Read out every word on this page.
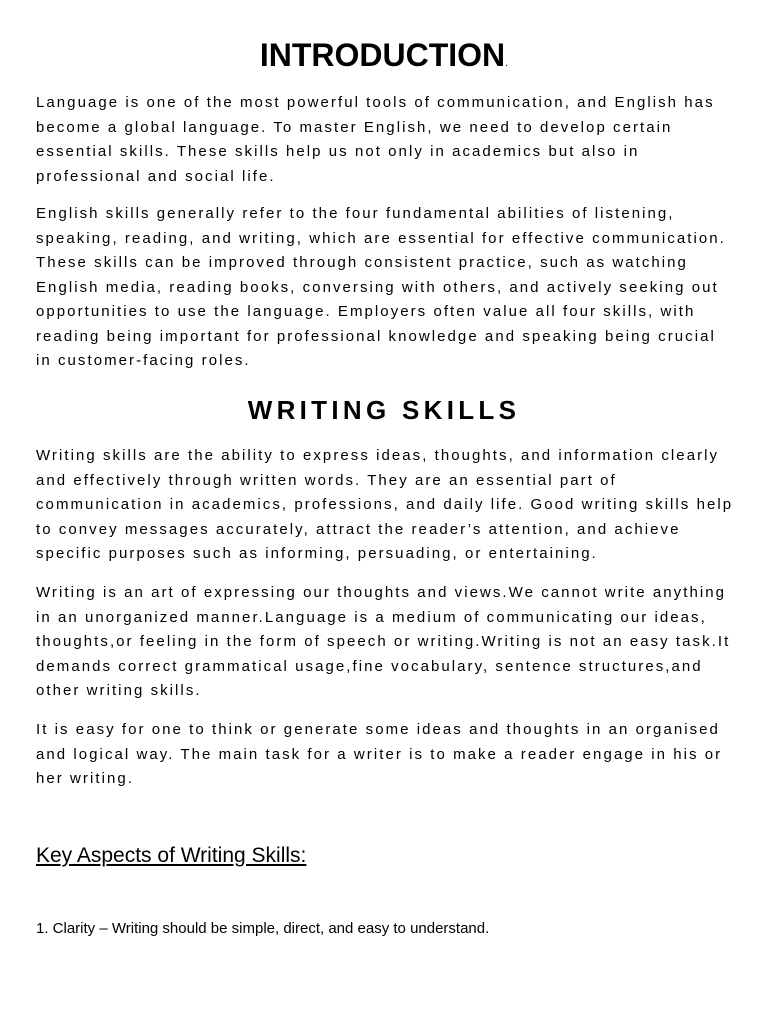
INTRODUCTION.

Language is one of the most powerful tools of communication, and English has become a global language. To master English, we need to develop certain essential skills. These skills help us not only in academics but also in professional and social life.

English skills generally refer to the four fundamental abilities of listening, speaking, reading, and writing, which are essential for effective communication. These skills can be improved through consistent practice, such as watching English media, reading books, conversing with others, and actively seeking out opportunities to use the language. Employers often value all four skills, with reading being important for professional knowledge and speaking being crucial in customer-facing roles.

WRITING SKILLS

Writing skills are the ability to express ideas, thoughts, and information clearly and effectively through written words. They are an essential part of communication in academics, professions, and daily life. Good writing skills help to convey messages accurately, attract the reader’s attention, and achieve specific purposes such as informing, persuading, or entertaining.

Writing is an art of expressing our thoughts and views.We cannot write anything in an unorganized manner.Language is a medium of communicating our ideas, thoughts,or feeling in the form of speech or writing.Writing is not an easy task.It demands correct grammatical usage,fine vocabulary, sentence structures,and other writing skills.

It is easy for one to think or generate some ideas and thoughts in an organised and logical way. The main task for a writer is to make a reader engage in his or her writing.

Key Aspects of Writing Skills:

1. Clarity – Writing should be simple, direct, and easy to understand.
